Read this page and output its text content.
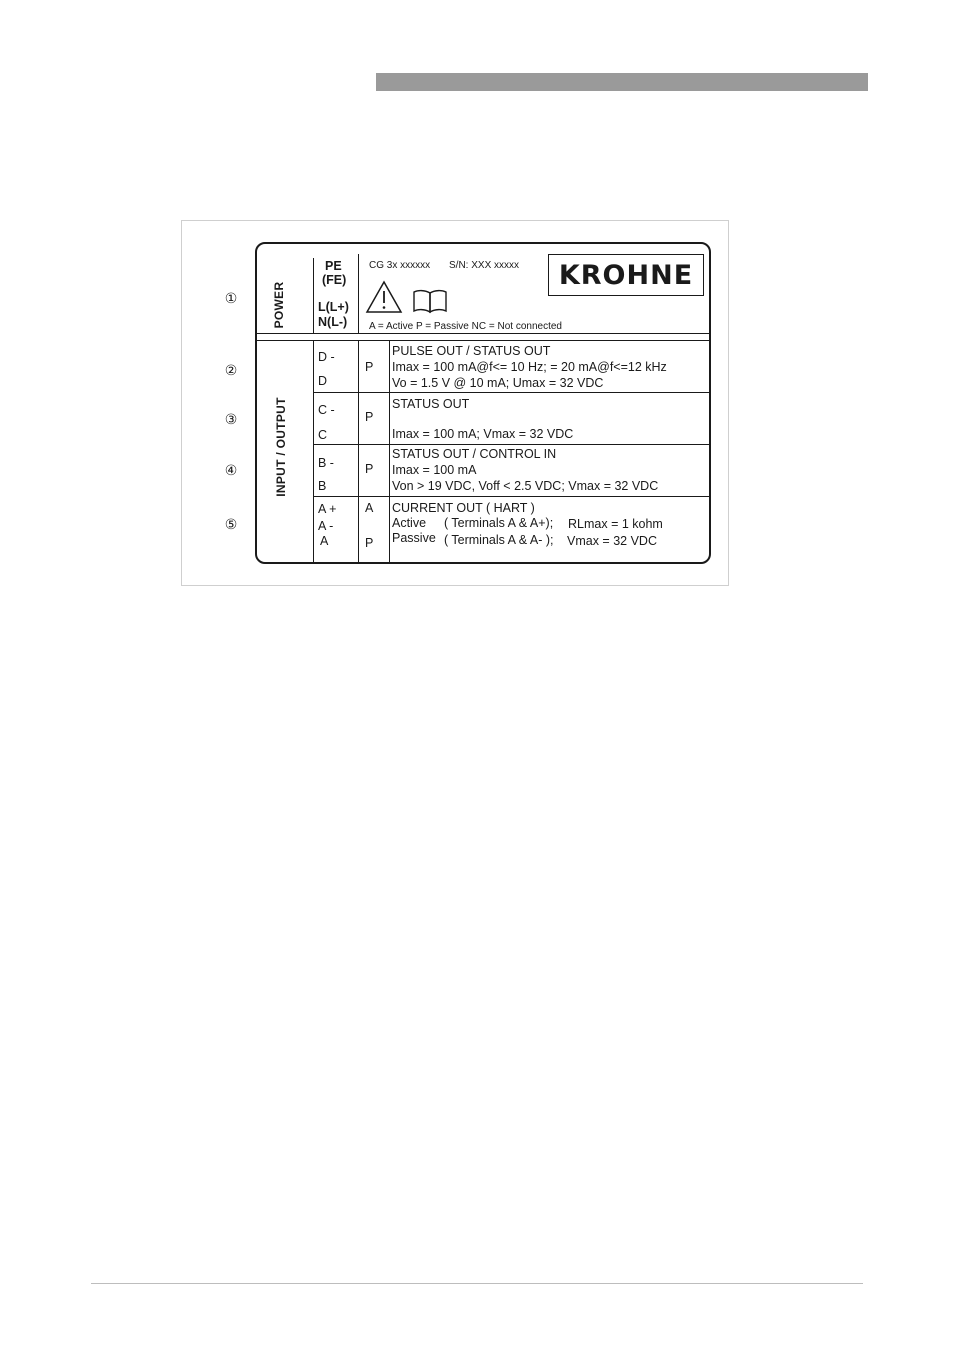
①
②
③
④
⑤
POWER
INPUT / OUTPUT
PE
(FE)
L(L+)
N(L-)
CG 3x xxxxxx S/N: XXX xxxxx	KROHNE
A = Active P = Passive NC = Not connected
D -
D
P
PULSE OUT / STATUS OUT
Imax = 100 mA@f<= 10 Hz; = 20 mA@f<=12 kHz
Vo = 1.5 V @ 10 mA; Umax = 32 VDC
C -
C
P
STATUS OUT
Imax = 100 mA; Vmax = 32 VDC
B -
B
P
STATUS OUT / CONTROL IN
Imax = 100 mA
Von > 19 VDC, Voff < 2.5 VDC; Vmax = 32 VDC
A +
A -
A
A
P
CURRENT OUT ( HART )
Active ( Terminals A & A+); RLmax = 1 kohm
Passive ( Terminals A & A- ); Vmax = 32 VDC
